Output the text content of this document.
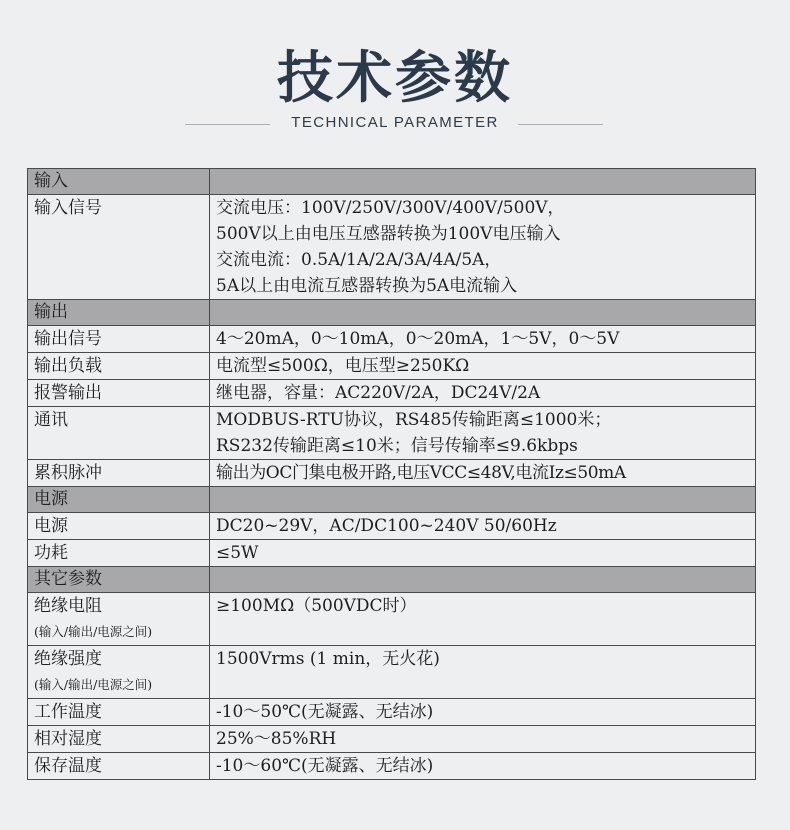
技术参数
TECHNICAL PARAMETER
输入	
输入信号	交流电压：100V/250V/300V/400V/500V，
500V以上由电压互感器转换为100V电压输入
交流电流：0.5A/1A/2A/3A/4A/5A，
5A以上由电流互感器转换为5A电流输入

输出	
输出信号	4～20mA，0～10mA，0～20mA，1～5V，0～5V
输出负载	电流型≤500Ω，电压型≥250KΩ
报警输出	继电器，容量：AC220V/2A，DC24V/2A
通讯	MODBUS-RTU协议，RS485传输距离≤1000米；
RS232传输距离≤10米；信号传输率≤9.6kbps

累积脉冲	输出为OC门集电极开路,电压VCC≤48V,电流Iz≤50mA
电源	
电源	DC20~29V，AC/DC100~240V 50/60Hz
功耗	≤5W
其它参数	

绝缘电阻
(输入/输出/电源之间)	≥100MΩ（500VDC时）

绝缘强度
(输入/输出/电源之间)	1500Vrms (1 min，无火花)
工作温度	-10～50℃(无凝露、无结冰)
相对湿度	25%～85%RH
保存温度	-10～60℃(无凝露、无结冰)
